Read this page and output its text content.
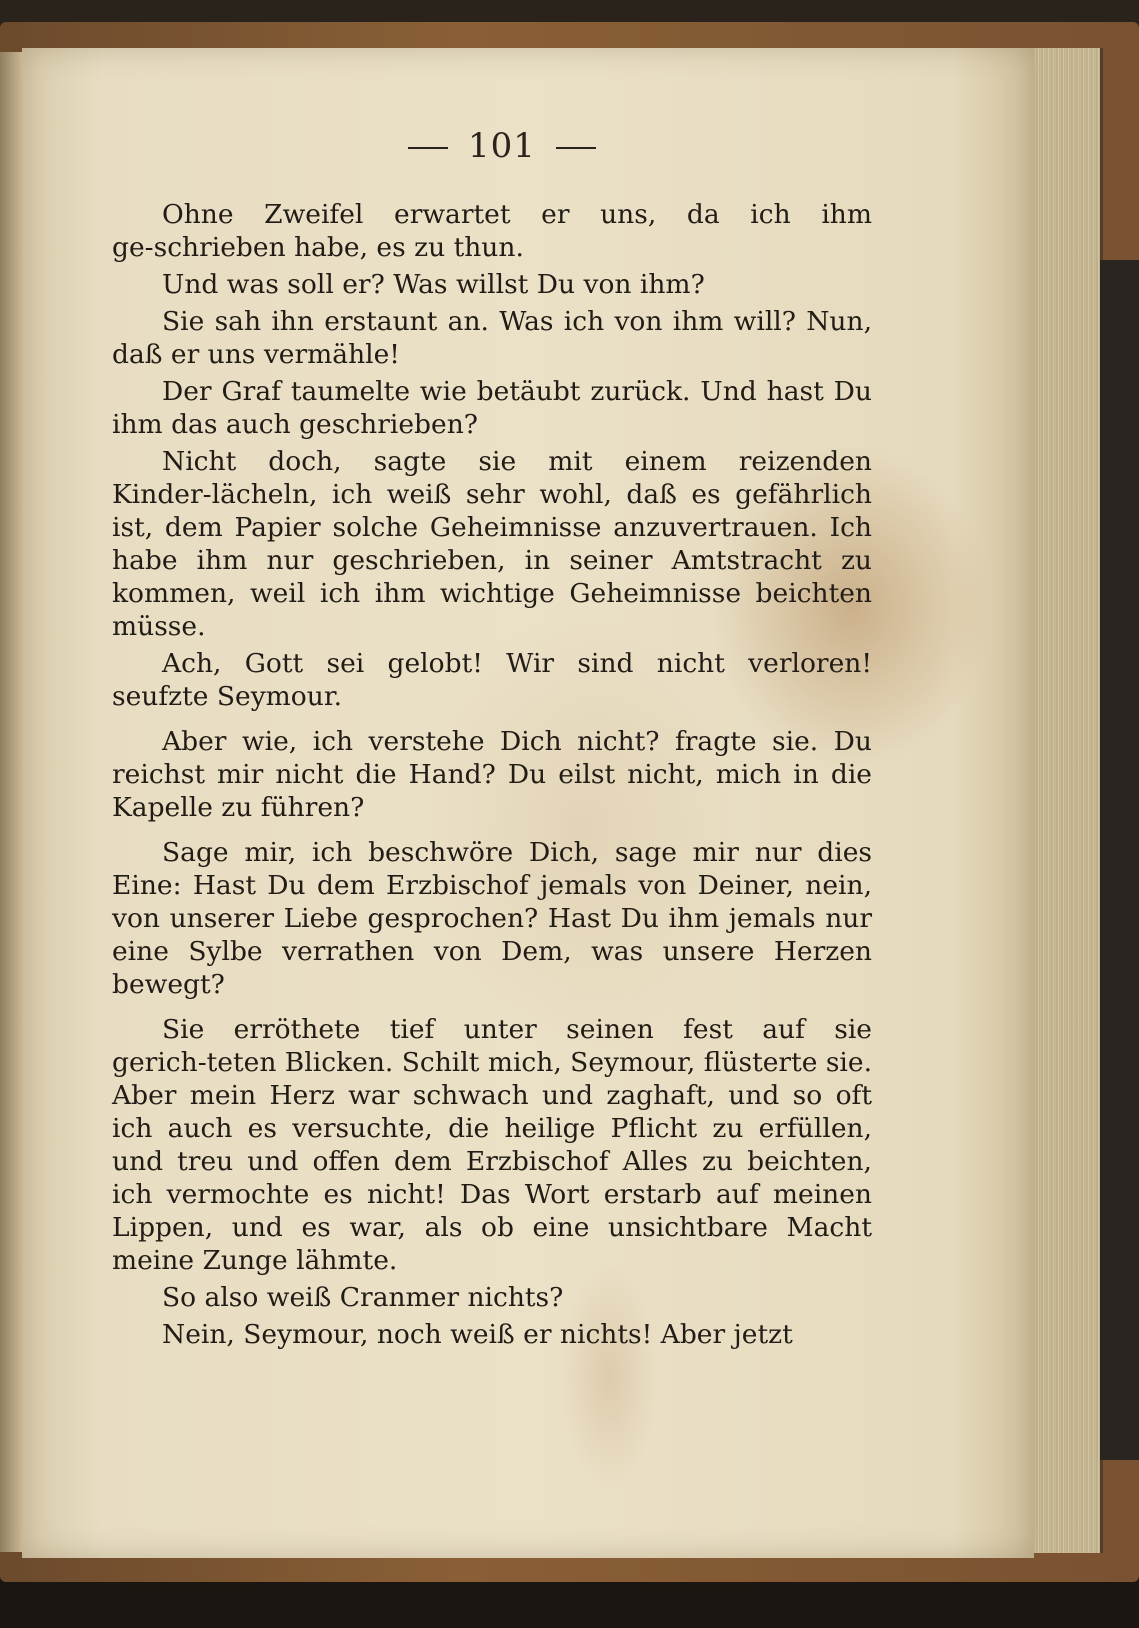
101

Ohne Zweifel erwartet er uns, da ich ihm ge‑schrieben habe, es zu thun.

Und was soll er? Was willst Du von ihm?

Sie sah ihn erstaunt an. Was ich von ihm will? Nun, daß er uns vermähle!

Der Graf taumelte wie betäubt zurück. Und hast Du ihm das auch geschrieben?

Nicht doch, sagte sie mit einem reizenden Kinder‑lächeln, ich weiß sehr wohl, daß es gefährlich ist, dem Papier solche Geheimnisse anzuvertrauen. Ich habe ihm nur geschrieben, in seiner Amtstracht zu kommen, weil ich ihm wichtige Geheimnisse beichten müsse.

Ach, Gott sei gelobt! Wir sind nicht verloren! seufzte Seymour.

Aber wie, ich verstehe Dich nicht? fragte sie. Du reichst mir nicht die Hand? Du eilst nicht, mich in die Kapelle zu führen?

Sage mir, ich beschwöre Dich, sage mir nur dies Eine: Hast Du dem Erzbischof jemals von Deiner, nein, von unserer Liebe gesprochen? Hast Du ihm jemals nur eine Sylbe verrathen von Dem, was unsere Herzen bewegt?

Sie erröthete tief unter seinen fest auf sie gerich‑teten Blicken. Schilt mich, Seymour, flüsterte sie. Aber mein Herz war schwach und zaghaft, und so oft ich auch es versuchte, die heilige Pflicht zu erfüllen, und treu und offen dem Erzbischof Alles zu beichten, ich vermochte es nicht! Das Wort erstarb auf meinen Lippen, und es war, als ob eine unsichtbare Macht meine Zunge lähmte.

So also weiß Cranmer nichts?

Nein, Seymour, noch weiß er nichts! Aber jetzt
